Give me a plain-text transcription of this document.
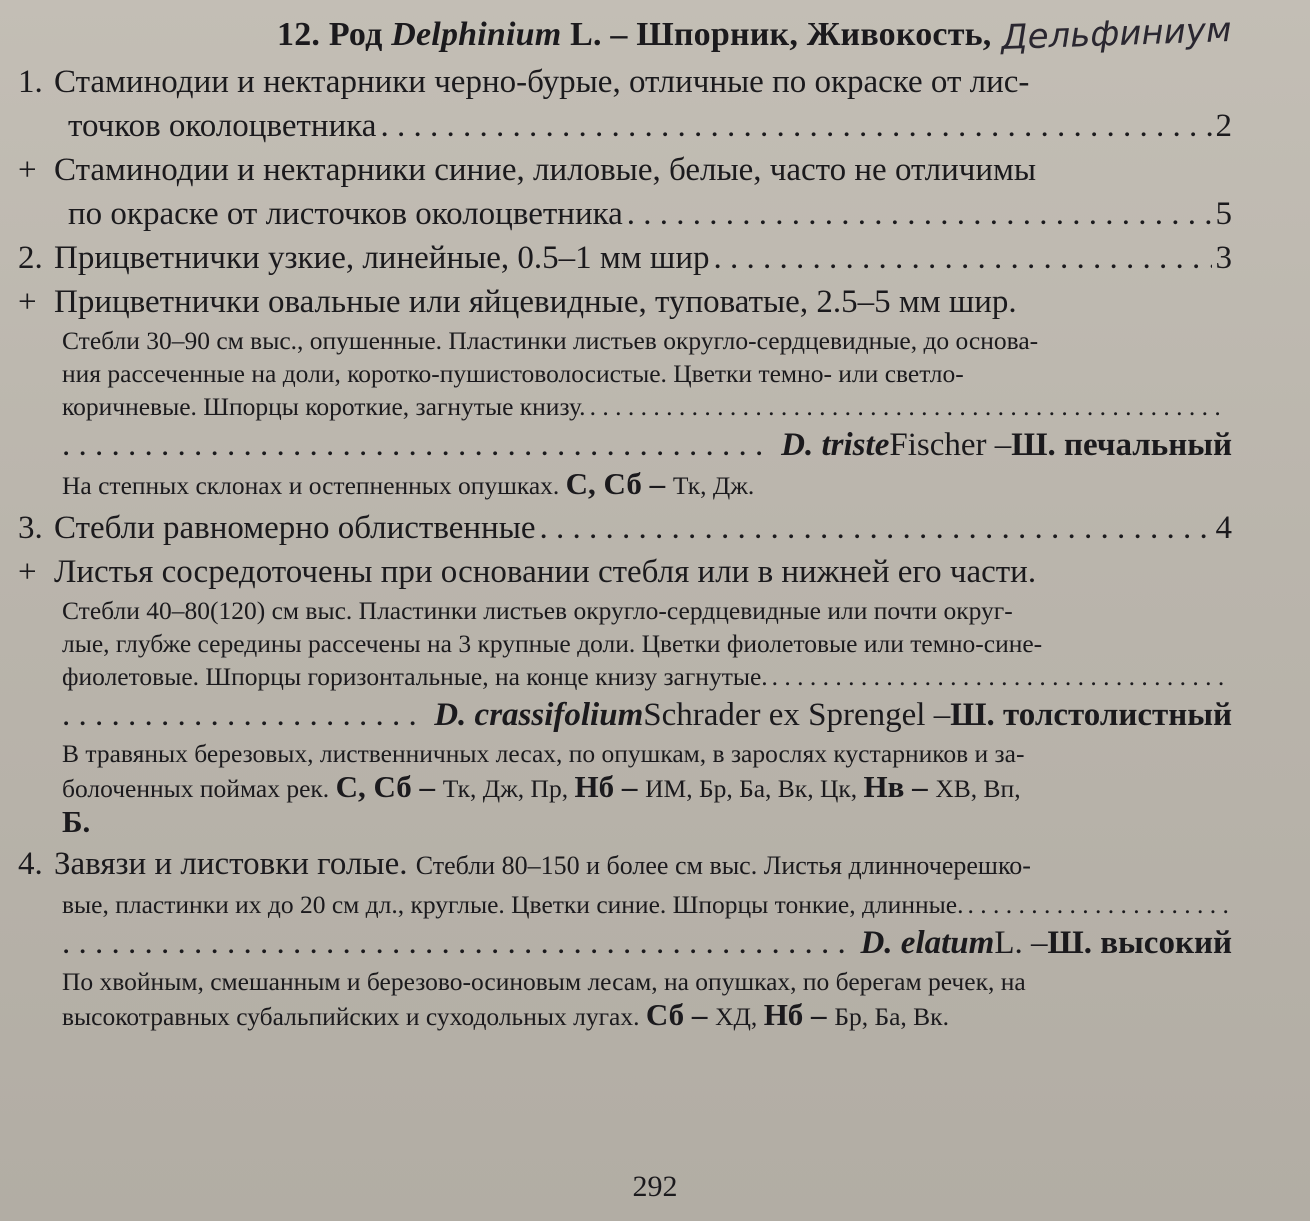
12. Род Delphinium L. – Шпорник, Живокость, Дельфиниум
1. Стаминодии и нектарники черно-бурые, отличные по окраске от лис-
точков околоцветника . . .	2
+ Стаминодии и нектарники синие, лиловые, белые, часто не отличимы
по окраске от листочков околоцветника . . .	5
2. Прицветнички узкие, линейные, 0.5–1 мм шир . . .	3
+ Прицветнички овальные или яйцевидные, туповатые, 2.5–5 мм шир.
Стебли 30–90 см выс., опушенные. Пластинки листьев округло-сердцевидные, до основа-
ния рассеченные на доли, коротко-пушистоволосистые. Цветки темно- или светло-
коричневые. Шпорцы короткие, загнутые книзу.
. . .
. . .
D. triste Fischer – Ш. печальный
На степных склонах и остепненных опушках. С, Сб – Тк, Дж.
3. Стебли равномерно облиственные . . .	4
+ Листья сосредоточены при основании стебля или в нижней его части.
Стебли 40–80(120) см выс. Пластинки листьев округло-сердцевидные или почти округ-
лые, глубже середины рассечены на 3 крупные доли. Цветки фиолетовые или темно-сине-
фиолетовые. Шпорцы горизонтальные, на конце книзу загнутые.
. . .
. . .
D. crassifolium Schrader ex Sprengel – Ш. толстолистный
В травяных березовых, лиственничных лесах, по опушкам, в зарослях кустарников и за-
болоченных поймах рек. С, Сб – Тк, Дж, Пр, Нб – ИМ, Бр, Ба, Вк, Цк, Нв – ХВ, Вп,
Б.
4. Завязи и листовки голые. Стебли 80–150 и более см выс. Листья длинночерешко-
вые, пластинки их до 20 см дл., круглые. Цветки синие. Шпорцы тонкие, длинные.
. . .
. . .
D. elatum L. – Ш. высокий
По хвойным, смешанным и березово-осиновым лесам, на опушках, по берегам речек, на
высокотравных субальпийских и суходольных лугах. Сб – ХД, Нб – Бр, Ба, Вк.
292
